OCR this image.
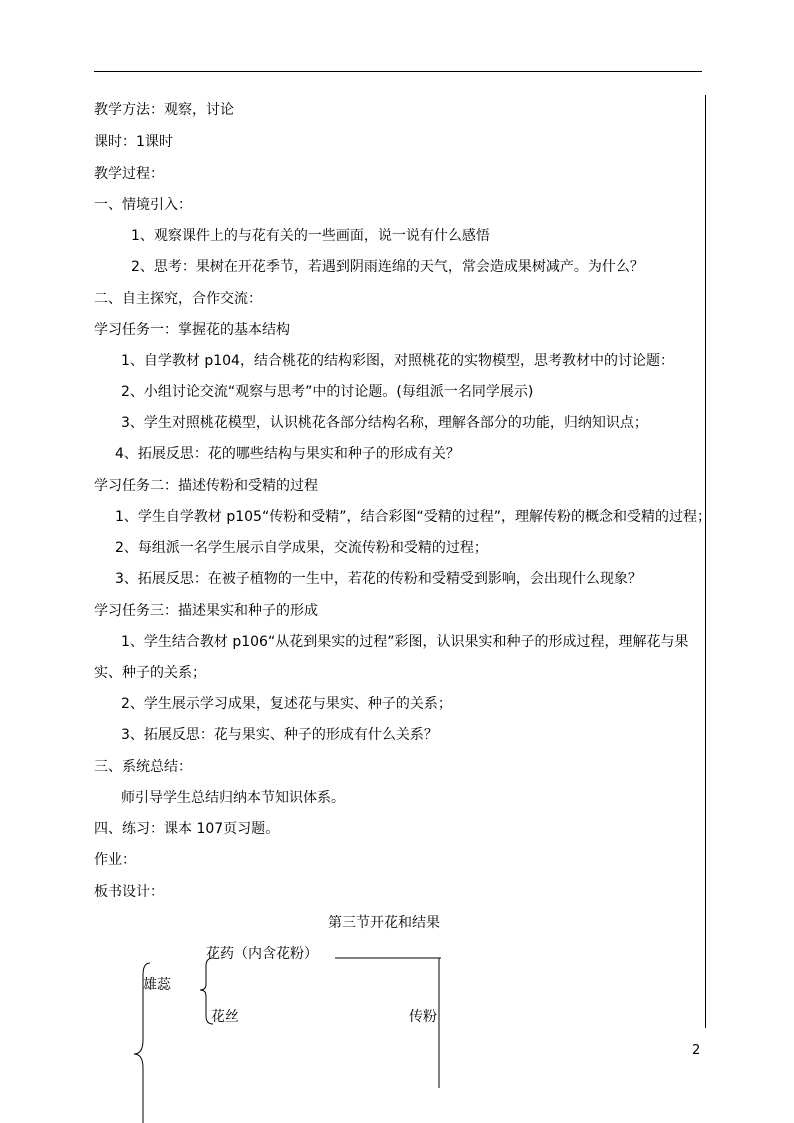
教学方法：观察，讨论
课时：1课时
教学过程：
一、情境引入：
1、观察课件上的与花有关的一些画面，说一说有什么感悟
2、思考：果树在开花季节，若遇到阴雨连绵的天气，常会造成果树减产。为什么？
二、自主探究，合作交流：
学习任务一：掌握花的基本结构
1、自学教材 p104，结合桃花的结构彩图，对照桃花的实物模型，思考教材中的讨论题：
2、小组讨论交流“观察与思考”中的讨论题。(每组派一名同学展示)
3、学生对照桃花模型，认识桃花各部分结构名称，理解各部分的功能，归纳知识点；
4、拓展反思：花的哪些结构与果实和种子的形成有关？
学习任务二：描述传粉和受精的过程
1、学生自学教材 p105“传粉和受精”，结合彩图“受精的过程”，理解传粉的概念和受精的过程；
2、每组派一名学生展示自学成果，交流传粉和受精的过程；
3、拓展反思：在被子植物的一生中，若花的传粉和受精受到影响，会出现什么现象？
学习任务三：描述果实和种子的形成
1、学生结合教材 p106“从花到果实的过程”彩图，认识果实和种子的形成过程，理解花与果
实、种子的关系；
2、学生展示学习成果，复述花与果实、种子的关系；
3、拓展反思：花与果实、种子的形成有什么关系？
三、系统总结：
师引导学生总结归纳本节知识体系。
四、练习：课本 107页习题。
作业：
板书设计：
第三节开花和结果
花药（内含花粉）
雄蕊
花丝	传粉
2
